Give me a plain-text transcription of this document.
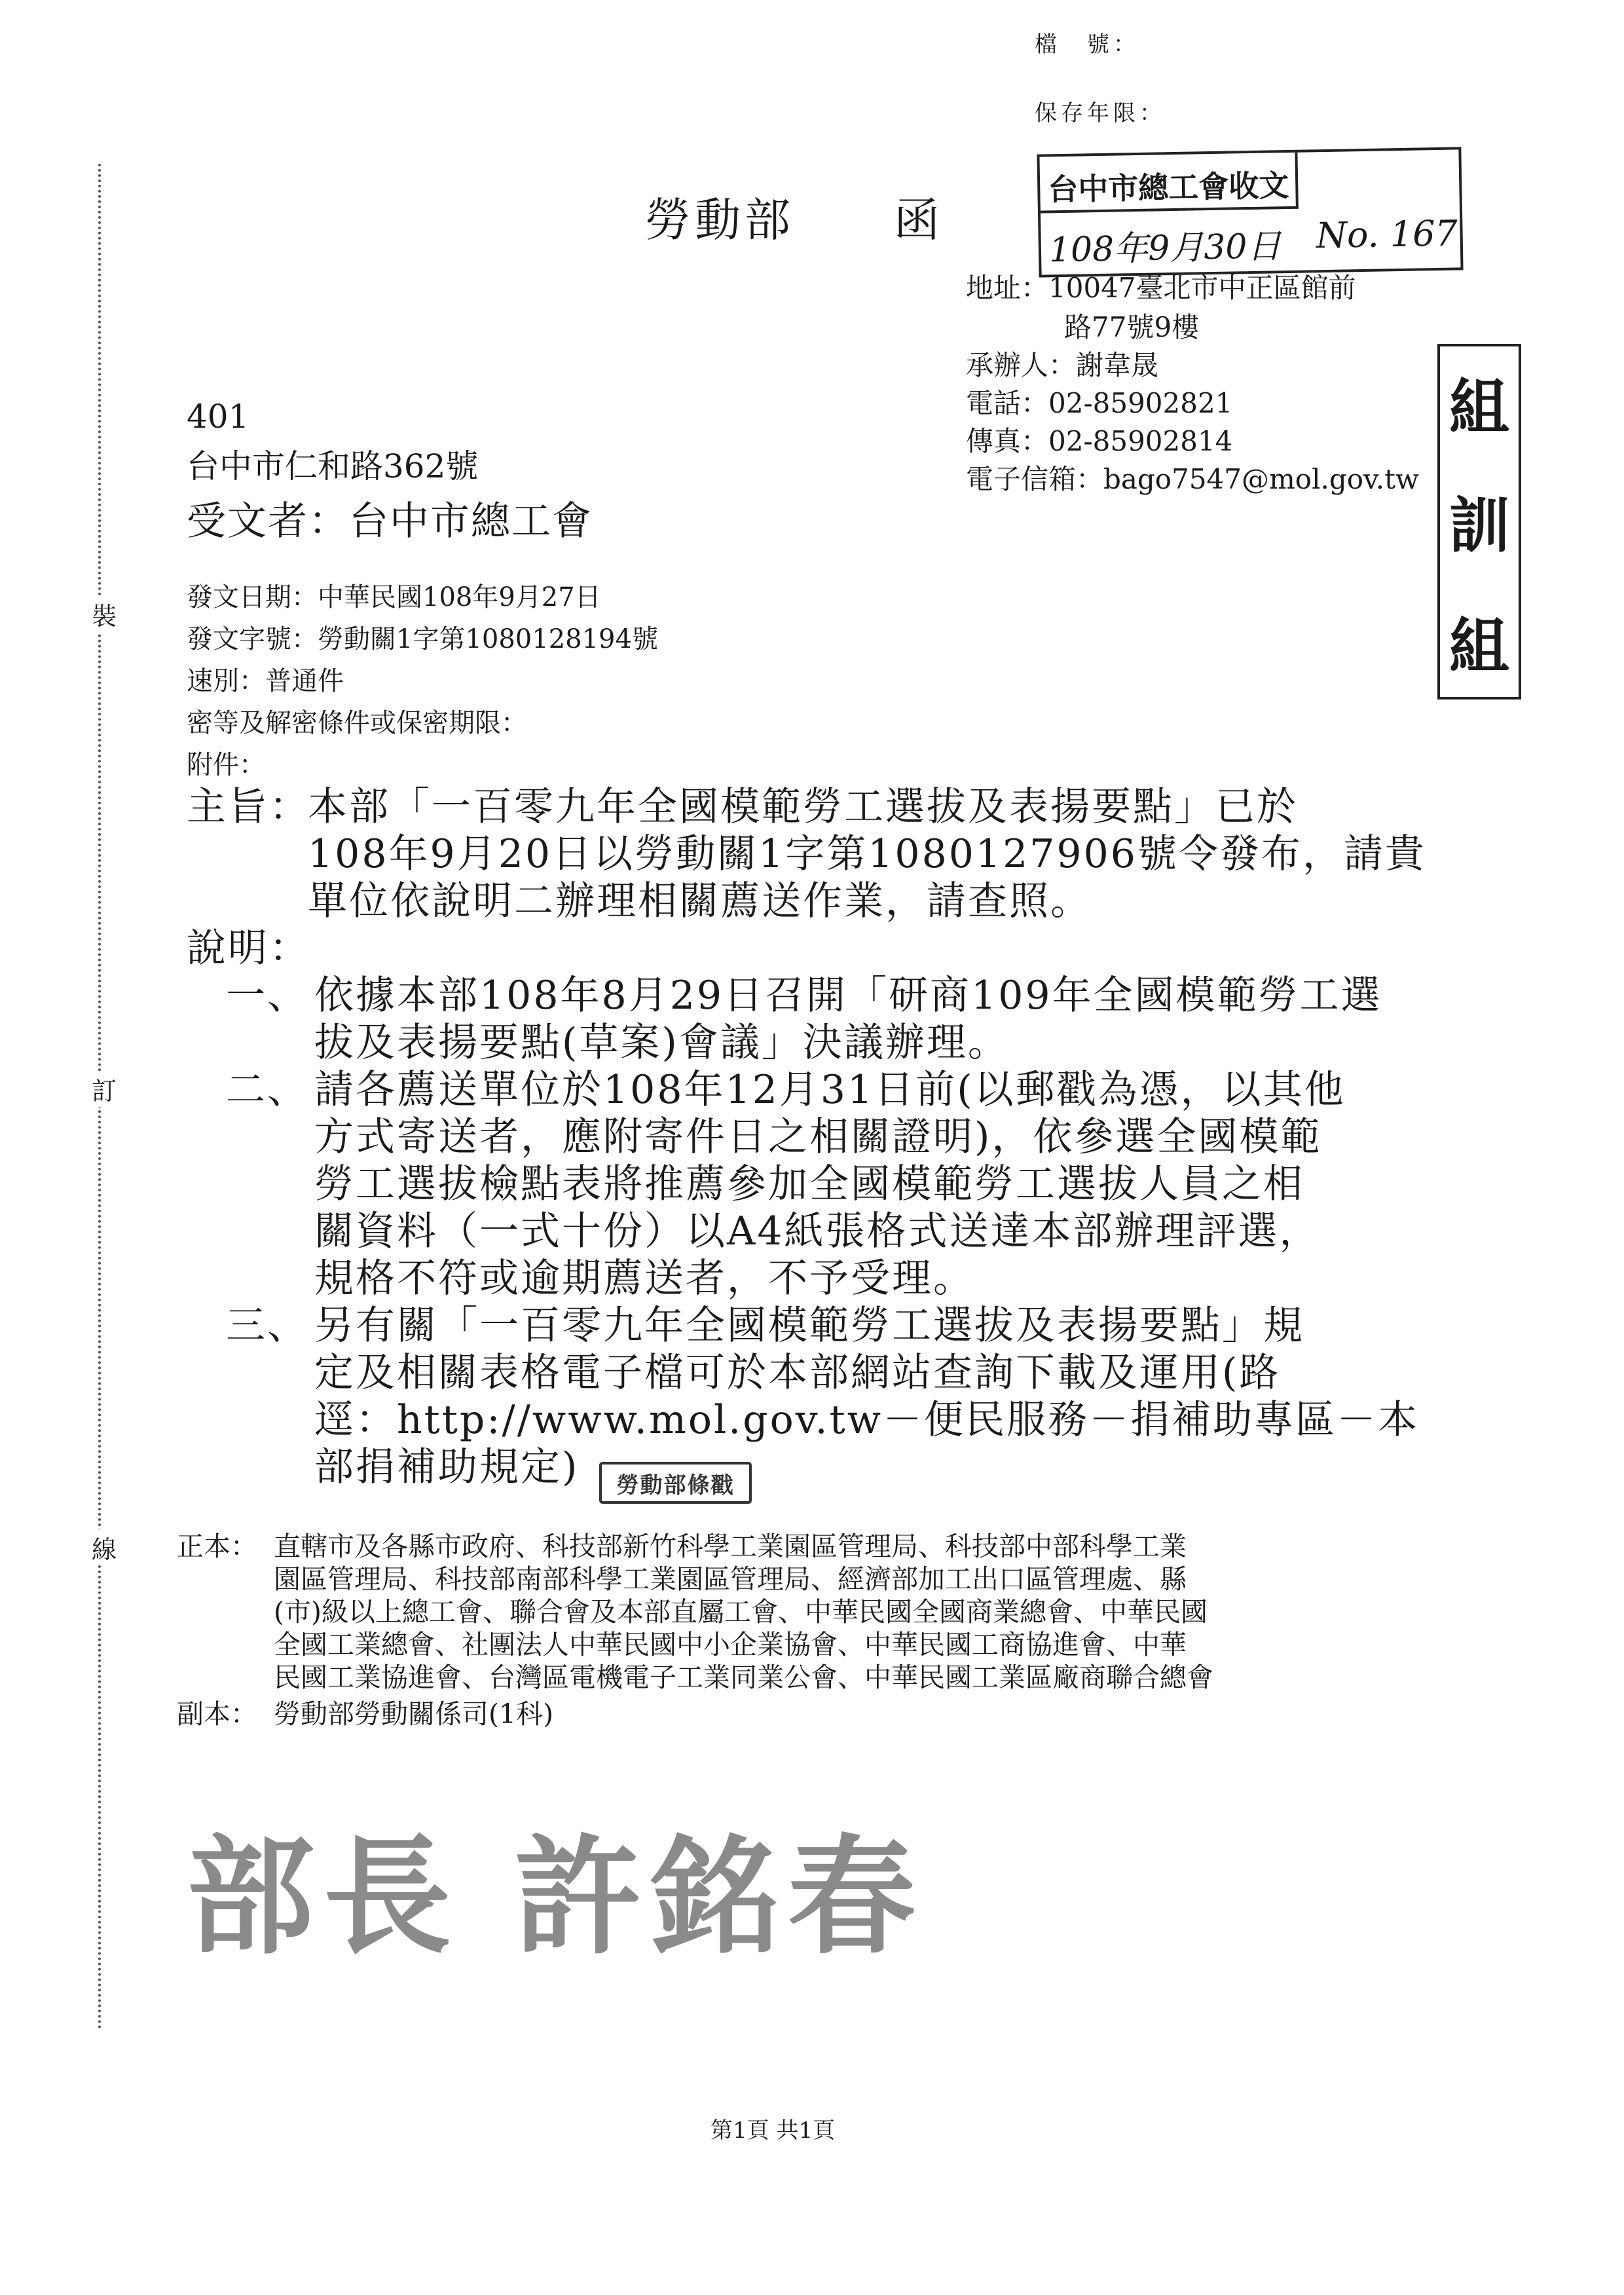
裝
訂
線
檔　號：
保存年限：
勞動部　　函
台中市總工會收文
108年9月30日 No. 167
地址：10047臺北市中正區館前
路77號9樓
承辦人：謝韋晟
電話：02-85902821
傳真：02-85902814
電子信箱：bago7547@mol.gov.tw
組
訓
組
401
台中市仁和路362號
受文者：台中市總工會
發文日期：中華民國108年9月27日
發文字號：勞動關1字第1080128194號
速別：普通件
密等及解密條件或保密期限：
附件：
主旨：
本部「一百零九年全國模範勞工選拔及表揚要點」已於
108年9月20日以勞動關1字第1080127906號令發布，請貴
單位依說明二辦理相關薦送作業，請查照。
說明：
一、 依據本部108年8月29日召開「研商109年全國模範勞工選
拔及表揚要點(草案)會議」決議辦理。
二、 請各薦送單位於108年12月31日前(以郵戳為憑，以其他
方式寄送者，應附寄件日之相關證明)，依參選全國模範
勞工選拔檢點表將推薦參加全國模範勞工選拔人員之相
關資料（一式十份）以A4紙張格式送達本部辦理評選，
規格不符或逾期薦送者，不予受理。
三、 另有關「一百零九年全國模範勞工選拔及表揚要點」規
定及相關表格電子檔可於本部網站查詢下載及運用(路
逕：http://www.mol.gov.tw－便民服務－捐補助專區－本
部捐補助規定) 勞動部條戳
正本： 直轄市及各縣市政府、科技部新竹科學工業園區管理局、科技部中部科學工業
園區管理局、科技部南部科學工業園區管理局、經濟部加工出口區管理處、縣
(市)級以上總工會、聯合會及本部直屬工會、中華民國全國商業總會、中華民國
全國工業總會、社團法人中華民國中小企業協會、中華民國工商協進會、中華
民國工業協進會、台灣區電機電子工業同業公會、中華民國工業區廠商聯合總會
副本： 勞動部勞動關係司(1科)
部長 許銘春
第1頁 共1頁
